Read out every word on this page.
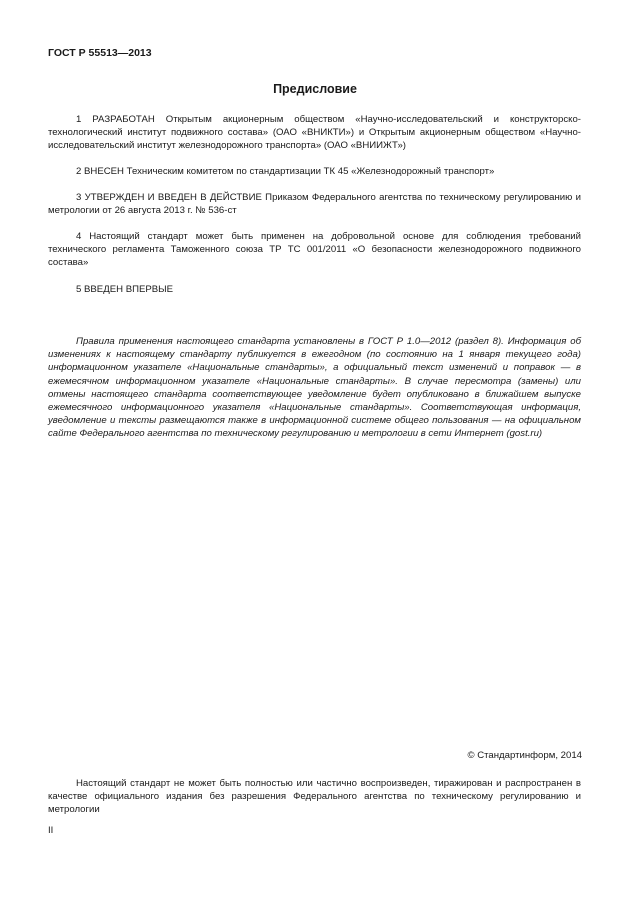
ГОСТ Р 55513—2013
Предисловие

1 РАЗРАБОТАН Открытым акционерным обществом «Научно-исследовательский и конструкторско-технологический институт подвижного состава» (ОАО «ВНИКТИ») и Открытым акционерным обществом «Научно-исследовательский институт железнодорожного транспорта» (ОАО «ВНИИЖТ»)

2 ВНЕСЕН Техническим комитетом по стандартизации ТК 45 «Железнодорожный транспорт»

3 УТВЕРЖДЕН И ВВЕДЕН В ДЕЙСТВИЕ Приказом Федерального агентства по техническому регулированию и метрологии от 26 августа 2013 г. № 536-ст

4 Настоящий стандарт может быть применен на добровольной основе для соблюдения требований технического регламента Таможенного союза ТР ТС 001/2011 «О безопасности железнодорожного подвижного состава»

5 ВВЕДЕН ВПЕРВЫЕ

Правила применения настоящего стандарта установлены в ГОСТ Р 1.0—2012 (раздел 8). Информация об изменениях к настоящему стандарту публикуется в ежегодном (по состоянию на 1 января текущего года) информационном указателе «Национальные стандарты», а официальный текст изменений и поправок — в ежемесячном информационном указателе «Национальные стандарты». В случае пересмотра (замены) или отмены настоящего стандарта соответствующее уведомление будет опубликовано в ближайшем выпуске ежемесячного информационного указателя «Национальные стандарты». Соответствующая информация, уведомление и тексты размещаются также в информационной системе общего пользования — на официальном сайте Федерального агентства по техническому регулированию и метрологии в сети Интернет (gost.ru)

© Стандартинформ, 2014

Настоящий стандарт не может быть полностью или частично воспроизведен, тиражирован и распространен в качестве официального издания без разрешения Федерального агентства по техническому регулированию и метрологии

II
